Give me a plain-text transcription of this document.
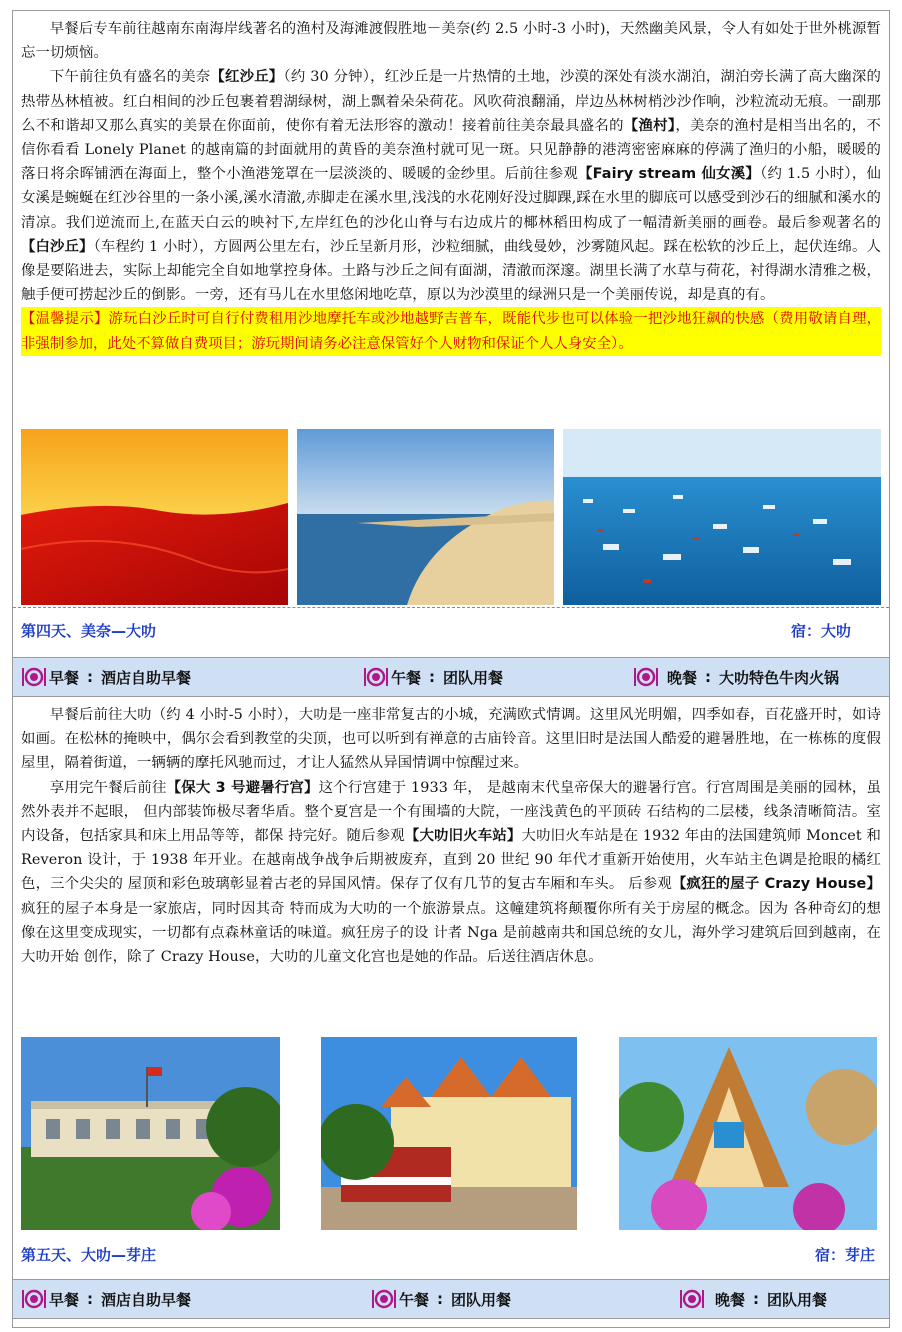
早餐后专车前往越南东南海岸线著名的渔村及海滩渡假胜地－美奈(约 2.5 小时-3 小时)，天然幽美风景，令人有如处于世外桃源暂忘一切烦恼。

下午前往负有盛名的美奈【红沙丘】（约 30 分钟），红沙丘是一片热情的土地，沙漠的深处有淡水湖泊，湖泊旁长满了高大幽深的热带丛林植被。红白相间的沙丘包裹着碧湖绿树，湖上飘着朵朵荷花。风吹荷浪翻涌，岸边丛林树梢沙沙作响，沙粒流动无痕。一副那么不和谐却又那么真实的美景在你面前，使你有着无法形容的激动！接着前往美奈最具盛名的【渔村】，美奈的渔村是相当出名的，不信你看看 Lonely Planet 的越南篇的封面就用的黄昏的美奈渔村就可见一斑。只见静静的港湾密密麻麻的停满了渔归的小船，暖暖的落日将余晖铺洒在海面上，整个小渔港笼罩在一层淡淡的、暖暖的金纱里。后前往参观【Fairy stream 仙女溪】（约 1.5 小时），仙女溪是蜿蜒在红沙谷里的一条小溪,溪水清澈,赤脚走在溪水里,浅浅的水花刚好没过脚踝,踩在水里的脚底可以感受到沙石的细腻和溪水的清凉。我们逆流而上,在蓝天白云的映衬下,左岸红色的沙化山脊与右边成片的椰林稻田构成了一幅清新美丽的画卷。最后参观著名的【白沙丘】（车程约 1 小时），方圆两公里左右，沙丘呈新月形，沙粒细腻，曲线曼妙，沙雾随风起。踩在松软的沙丘上，起伏连绵。人像是要陷进去，实际上却能完全自如地掌控身体。土路与沙丘之间有面湖，清澈而深邃。湖里长满了水草与荷花，衬得湖水清雅之极，触手便可捞起沙丘的倒影。一旁，还有马儿在水里悠闲地吃草，原以为沙漠里的绿洲只是一个美丽传说，却是真的有。

【温馨提示】游玩白沙丘时可自行付费租用沙地摩托车或沙地越野吉普车，既能代步也可以体验一把沙地狂飙的快感（费用敬请自理，非强制参加，此处不算做自费项目；游玩期间请务必注意保管好个人财物和保证个人人身安全）。
第四天、美奈—大叻	宿：大叻
早餐 : 酒店自助早餐	午餐 : 团队用餐	晚餐 : 大叻特色牛肉火锅

早餐后前往大叻（约 4 小时-5 小时），大叻是一座非常复古的小城，充满欧式情调。这里风光明媚，四季如春，百花盛开时，如诗如画。在松林的掩映中，偶尔会看到教堂的尖顶，也可以听到有禅意的古庙铃音。这里旧时是法国人酷爱的避暑胜地，在一栋栋的度假屋里，隔着街道，一辆辆的摩托风驰而过，才让人猛然从异国情调中惊醒过来。

享用完午餐后前往【保大 3 号避暑行宫】这个行宫建于 1933 年， 是越南末代皇帝保大的避暑行宫。行宫周围是美丽的园林，虽然外表并不起眼， 但内部装饰极尽奢华盾。整个夏宫是一个有围墙的大院，一座浅黄色的平顶砖 石结构的二层楼，线条清晰简洁。室内设备，包括家具和床上用品等等，都保 持完好。随后参观【大叻旧火车站】大叻旧火车站是在 1932 年由的法国建筑师 Moncet 和 Reveron 设计，于 1938 年开业。在越南战争战争后期被废弃，直到 20 世纪 90 年代才重新开始使用，火车站主色调是抢眼的橘红色，三个尖尖的 屋顶和彩色玻璃彰显着古老的异国风情。保存了仅有几节的复古车厢和车头。 后参观【疯狂的屋子 Crazy House】疯狂的屋子本身是一家旅店，同时因其奇 特而成为大叻的一个旅游景点。这幢建筑将颠覆你所有关于房屋的概念。因为 各种奇幻的想像在这里变成现实，一切都有点森林童话的味道。疯狂房子的设 计者 Nga 是前越南共和国总统的女儿，海外学习建筑后回到越南，在大叻开始 创作，除了 Crazy House，大叻的儿童文化宫也是她的作品。后送往酒店休息。

第五天、大叻—芽庄	宿：芽庄
早餐 : 酒店自助早餐	午餐 : 团队用餐	晚餐 : 团队用餐
